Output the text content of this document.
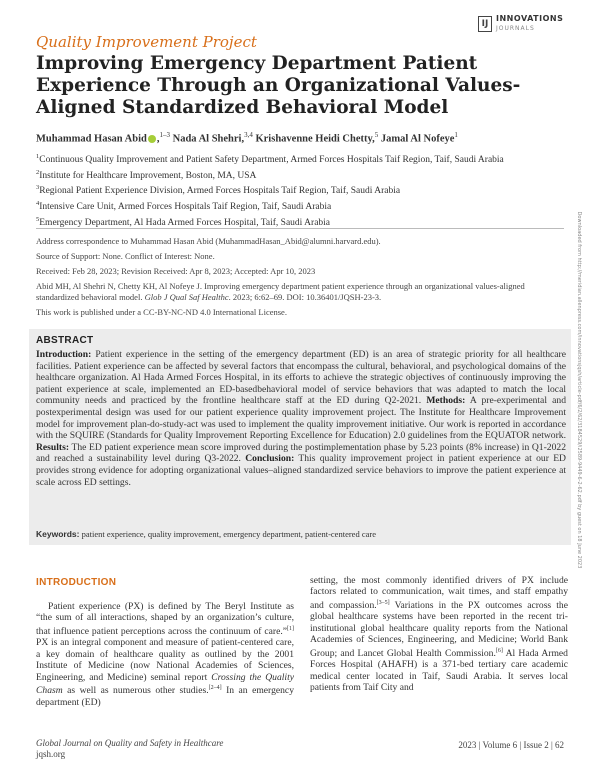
IJ
INNOVATIONS
JOURNALS
Quality Improvement Project
Improving Emergency Department Patient Experience Through an Organizational Values-Aligned Standardized Behavioral Model
Muhammad Hasan Abid ,$^{1-3}$ Nada Al Shehri,$^{3,4}$ Krishavenne Heidi Chetty,$^5$ Jamal Al Nofeye$^1$

$^1$Continuous Quality Improvement and Patient Safety Department, Armed Forces Hospitals Taif Region, Taif, Saudi Arabia

$^2$Institute for Healthcare Improvement, Boston, MA, USA

$^3$Regional Patient Experience Division, Armed Forces Hospitals Taif Region, Taif, Saudi Arabia

$^4$Intensive Care Unit, Armed Forces Hospitals Taif Region, Taif, Saudi Arabia

$^5$Emergency Department, Al Hada Armed Forces Hospital, Taif, Saudi Arabia

Address correspondence to Muhammad Hasan Abid (MuhammadHasan_Abid@alumni.harvard.edu).

Source of Support: None. Conflict of Interest: None.

Received: Feb 28, 2023; Revision Received: Apr 8, 2023; Accepted: Apr 10, 2023

Abid MH, Al Shehri N, Chetty KH, Al Nofeye J. Improving emergency department patient experience through an organizational values-aligned standardized behavioral model. Glob J Qual Saf Healthc. 2023; 6:62–69. DOI: 10.36401/JQSH-23-3.

This work is published under a CC-BY-NC-ND 4.0 International License.

ABSTRACT

Introduction: Patient experience in the setting of the emergency department (ED) is an area of strategic priority for all healthcare facilities. Patient experience can be affected by several factors that encompass the cultural, behavioral, and psychological domains of the healthcare organization. Al Hada Armed Forces Hospital, in its efforts to achieve the strategic objectives of continuously improving the patient experience at scale, implemented an ED-basedbehavioral model of service behaviors that was adapted to match the local community needs and practiced by the frontline healthcare staff at the ED during Q2-2021. Methods: A pre-experimental and postexperimental design was used for our patient experience quality improvement project. The Institute for Healthcare Improvement model for improvement plan-do-study-act was used to implement the quality improvement initiative. Our work is reported in accordance with the SQUIRE (Standards for Quality Improvement Reporting Excellence for Education) 2.0 guidelines from the EQUATOR network. Results: The ED patient experience mean score improved during the postimplementation phase by 5.23 points (8% increase) in Q1-2022 and reached a sustainability level during Q3-2022. Conclusion: This quality improvement project in patient experience at our ED provides strong evidence for adopting organizational values–aligned standardized service behaviors to improve the patient experience at scale across ED settings.

Keywords: patient experience, quality improvement, emergency department, patient-centered care
INTRODUCTION

Patient experience (PX) is defined by The Beryl Institute as “the sum of all interactions, shaped by an organization’s culture, that influence patient perceptions across the continuum of care.”[1] PX is an integral component and measure of patient-centered care, a key domain of healthcare quality as outlined by the 2001 Institute of Medicine (now National Academies of Sciences, Engineering, and Medicine) seminal report Crossing the Quality Chasm as well as numerous other studies.[2–4] In an emergency department (ED)

setting, the most commonly identified drivers of PX include factors related to communication, wait times, and staff empathy and compassion.[3–5] Variations in the PX outcomes across the global healthcare systems have been reported in the recent tri-institutional global healthcare quality reports from the National Academies of Sciences, Engineering, and Medicine; World Bank Group; and Lancet Global Health Commission.[6] Al Hada Armed Forces Hospital (AHAFH) is a 371-bed tertiary care academic medical center located in Taif, Saudi Arabia. It serves local patients from Taif City and

Downloaded from http://meridian.allenpress.com/innovationsjqsh/article-pdf/6/2/62/3184529/i2589-9449-6-2-62.pdf by guest on 18 June 2023
Global Journal on Quality and Safety in Healthcare
jqsh.org
2023 | Volume 6 | Issue 2 | 62
